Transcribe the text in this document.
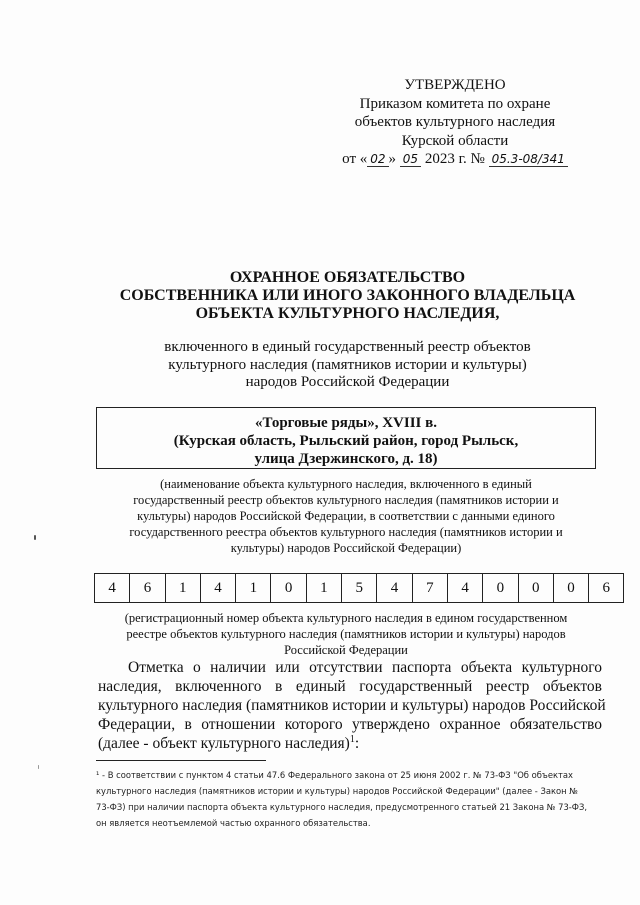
УТВЕРЖДЕНО
Приказом комитета по охране
объектов культурного наследия
Курской области
от « 02 » 05 2023 г. № 05.3-08/341
ОХРАННОЕ ОБЯЗАТЕЛЬСТВО
СОБСТВЕННИКА ИЛИ ИНОГО ЗАКОННОГО ВЛАДЕЛЬЦА
ОБЪЕКТА КУЛЬТУРНОГО НАСЛЕДИЯ,
включенного в единый государственный реестр объектов
культурного наследия (памятников истории и культуры)
народов Российской Федерации
«Торговые ряды», XVIII в.
(Курская область, Рыльский район, город Рыльск,
улица Дзержинского, д. 18)
(наименование объекта культурного наследия, включенного в единый
государственный реестр объектов культурного наследия (памятников истории и
культуры) народов Российской Федерации, в соответствии с данными единого
государственного реестра объектов культурного наследия (памятников истории и
культуры) народов Российской Федерации)
4	6	1	4	1	0	1	5	4	7	4	0	0	0	6
(регистрационный номер объекта культурного наследия в едином государственном
реестре объектов культурного наследия (памятников истории и культуры) народов
Российской Федерации
Отметка о наличии или отсутствии паспорта объекта культурного
наследия, включенного в единый государственный реестр объектов
культурного наследия (памятников истории и культуры) народов Российской
Федерации, в отношении которого утверждено охранное обязательство
(далее - объект культурного наследия)$^1$:
¹ - В соответствии с пунктом 4 статьи 47.6 Федерального закона от 25 июня 2002 г. № 73-ФЗ "Об объектах
культурного наследия (памятников истории и культуры) народов Российской Федерации" (далее - Закон №
73-ФЗ) при наличии паспорта объекта культурного наследия, предусмотренного статьей 21 Закона № 73-ФЗ,
он является неотъемлемой частью охранного обязательства.
